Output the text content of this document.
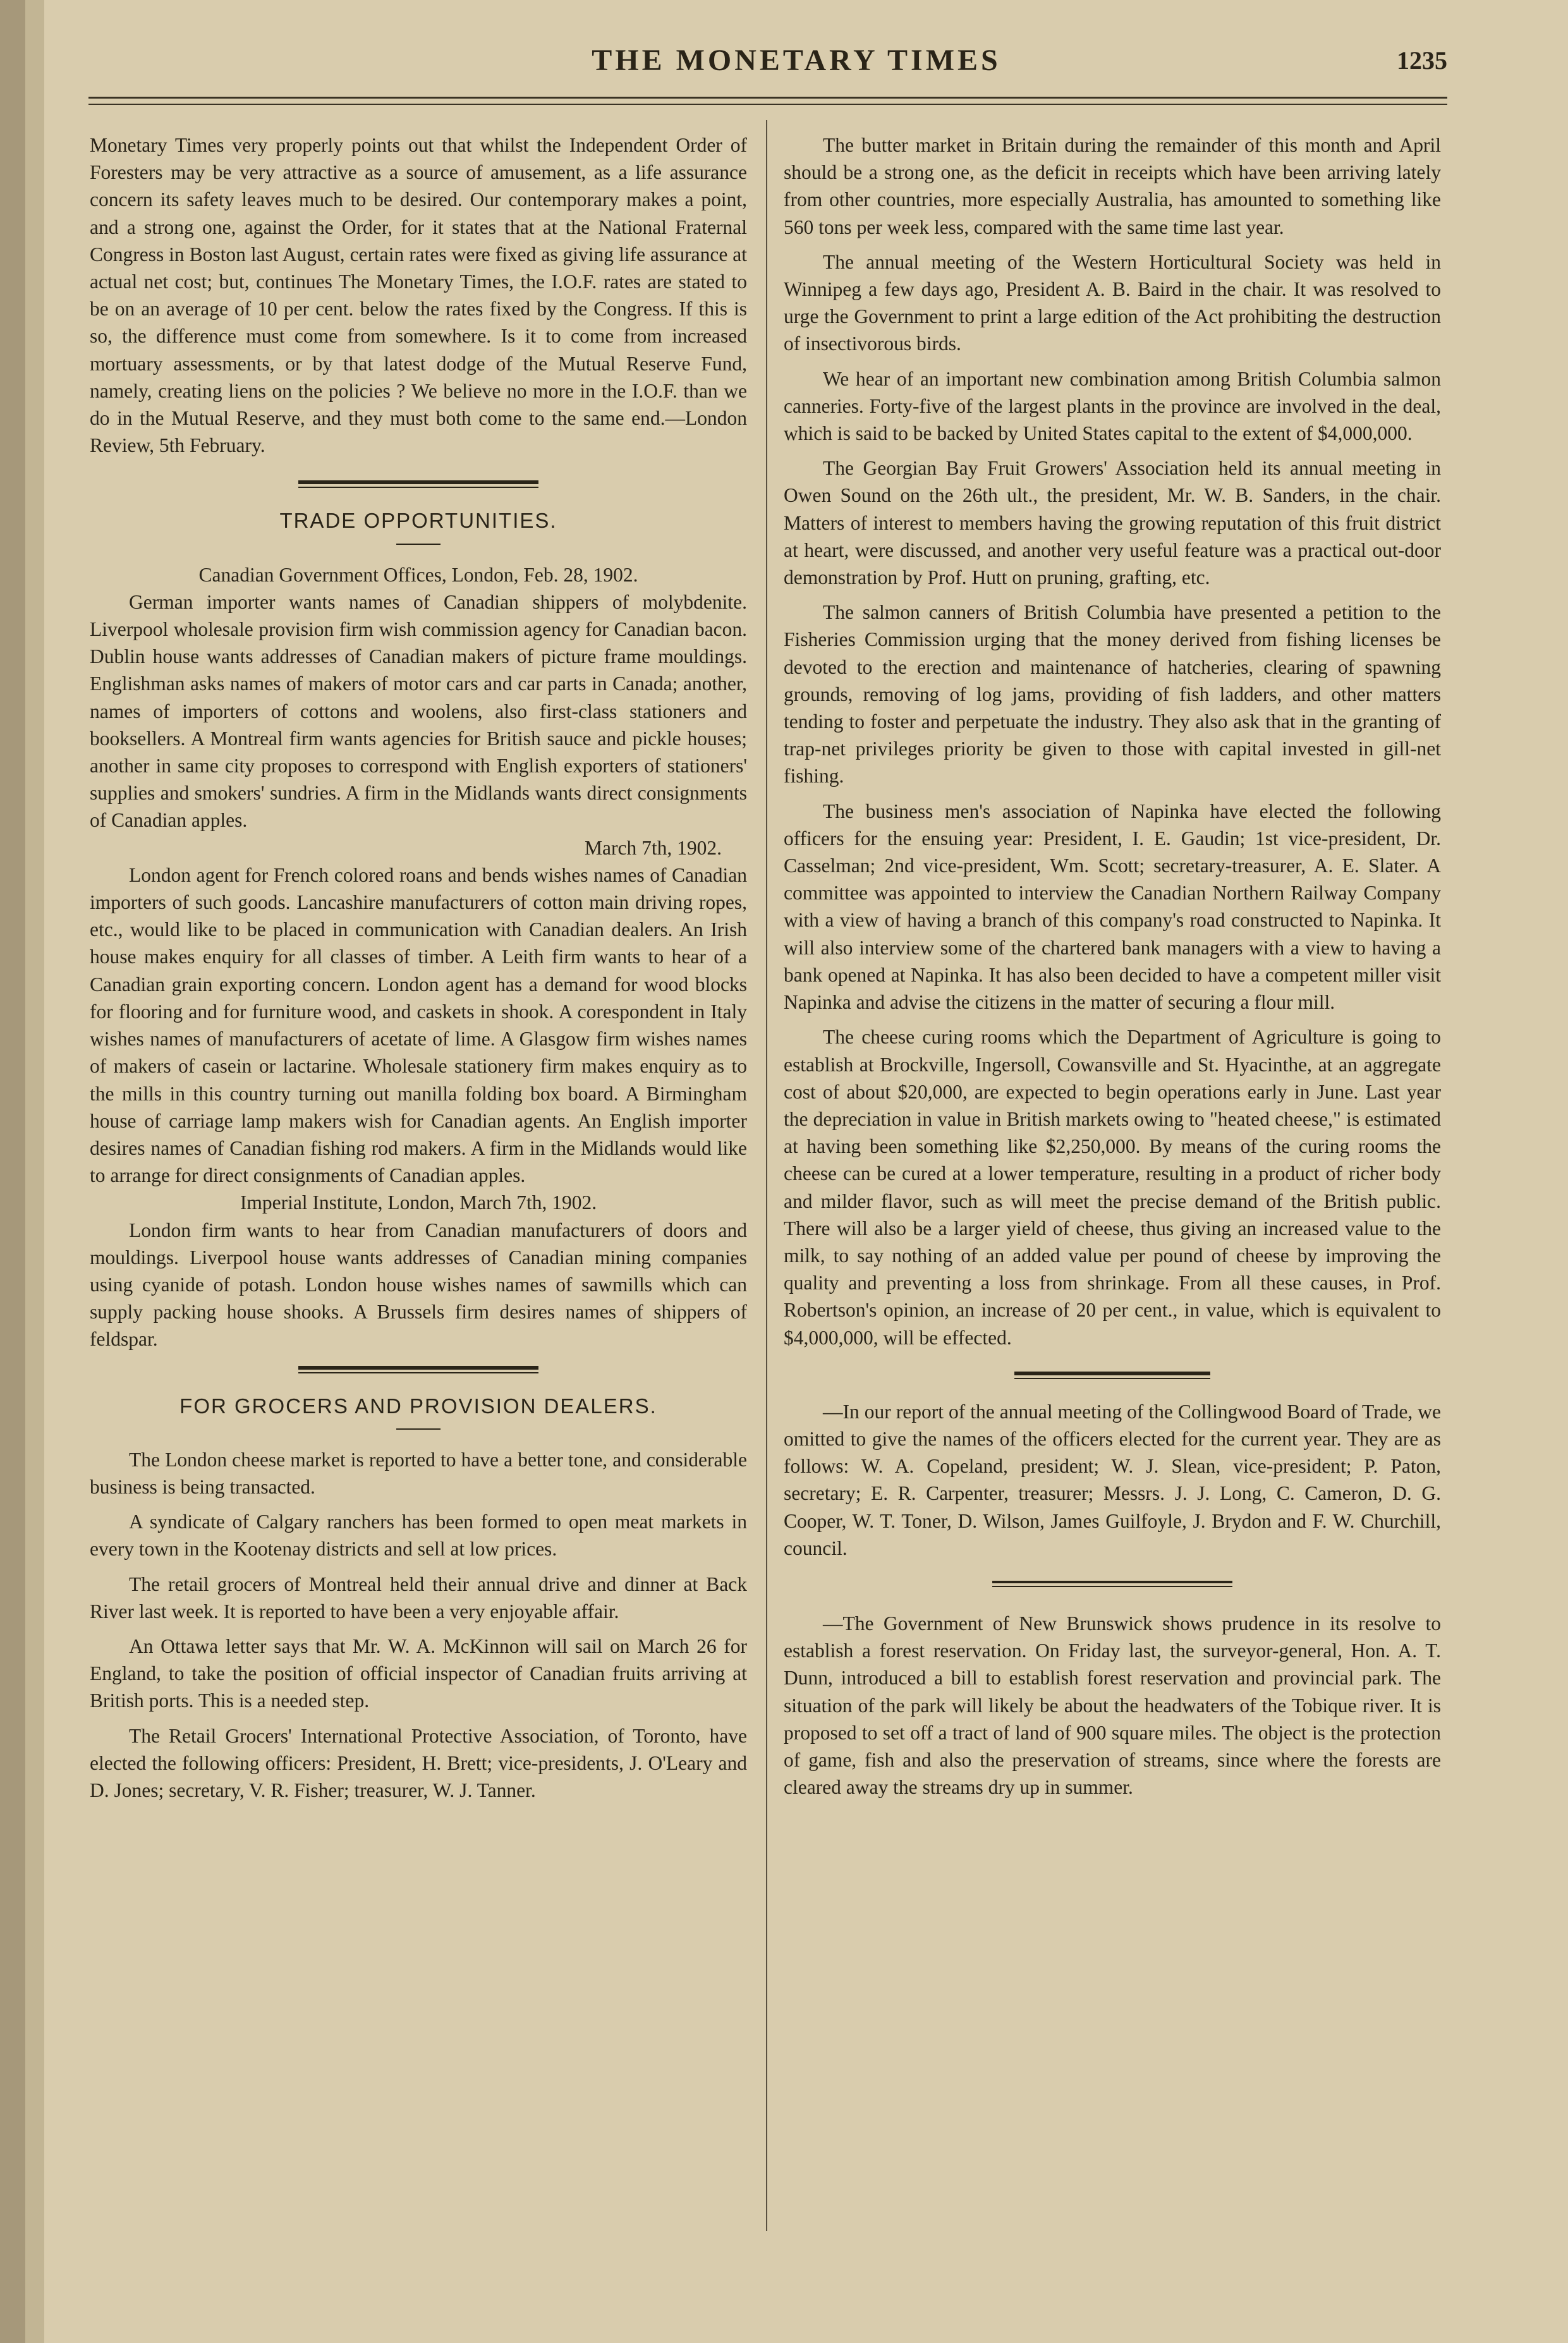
THE MONETARY TIMES	1235

Monetary Times very properly points out that whilst the Independent Order of Foresters may be very attractive as a source of amusement, as a life assurance concern its safety leaves much to be desired. Our contemporary makes a point, and a strong one, against the Order, for it states that at the National Fraternal Congress in Boston last August, certain rates were fixed as giving life assurance at actual net cost; but, continues The Monetary Times, the I.O.F. rates are stated to be on an average of 10 per cent. below the rates fixed by the Congress. If this is so, the difference must come from somewhere. Is it to come from increased mortuary assessments, or by that latest dodge of the Mutual Reserve Fund, namely, creating liens on the policies ? We believe no more in the I.O.F. than we do in the Mutual Reserve, and they must both come to the same end.—London Review, 5th February.

TRADE OPPORTUNITIES.

Canadian Government Offices, London, Feb. 28, 1902.

German importer wants names of Canadian shippers of molybdenite. Liverpool wholesale provision firm wish commission agency for Canadian bacon. Dublin house wants addresses of Canadian makers of picture frame mouldings. Englishman asks names of makers of motor cars and car parts in Canada; another, names of importers of cottons and woolens, also first-class stationers and booksellers. A Montreal firm wants agencies for British sauce and pickle houses; another in same city proposes to correspond with English exporters of stationers' supplies and smokers' sundries. A firm in the Midlands wants direct consignments of Canadian apples.

March 7th, 1902.

London agent for French colored roans and bends wishes names of Canadian importers of such goods. Lancashire manufacturers of cotton main driving ropes, etc., would like to be placed in communication with Canadian dealers. An Irish house makes enquiry for all classes of timber. A Leith firm wants to hear of a Canadian grain exporting concern. London agent has a demand for wood blocks for flooring and for furniture wood, and caskets in shook. A corespondent in Italy wishes names of manufacturers of acetate of lime. A Glasgow firm wishes names of makers of casein or lactarine. Wholesale stationery firm makes enquiry as to the mills in this country turning out manilla folding box board. A Birmingham house of carriage lamp makers wish for Canadian agents. An English importer desires names of Canadian fishing rod makers. A firm in the Midlands would like to arrange for direct consignments of Canadian apples.

Imperial Institute, London, March 7th, 1902.

London firm wants to hear from Canadian manufacturers of doors and mouldings. Liverpool house wants addresses of Canadian mining companies using cyanide of potash. London house wishes names of sawmills which can supply packing house shooks. A Brussels firm desires names of shippers of feldspar.

FOR GROCERS AND PROVISION DEALERS.

The London cheese market is reported to have a better tone, and considerable business is being transacted.

A syndicate of Calgary ranchers has been formed to open meat markets in every town in the Kootenay districts and sell at low prices.

The retail grocers of Montreal held their annual drive and dinner at Back River last week. It is reported to have been a very enjoyable affair.

An Ottawa letter says that Mr. W. A. McKinnon will sail on March 26 for England, to take the position of official inspector of Canadian fruits arriving at British ports. This is a needed step.

The Retail Grocers' International Protective Association, of Toronto, have elected the following officers: President, H. Brett; vice-presidents, J. O'Leary and D. Jones; secretary, V. R. Fisher; treasurer, W. J. Tanner.

The butter market in Britain during the remainder of this month and April should be a strong one, as the deficit in receipts which have been arriving lately from other countries, more especially Australia, has amounted to something like 560 tons per week less, compared with the same time last year.

The annual meeting of the Western Horticultural Society was held in Winnipeg a few days ago, President A. B. Baird in the chair. It was resolved to urge the Government to print a large edition of the Act prohibiting the destruction of insectivorous birds.

We hear of an important new combination among British Columbia salmon canneries. Forty-five of the largest plants in the province are involved in the deal, which is said to be backed by United States capital to the extent of $4,000,000.

The Georgian Bay Fruit Growers' Association held its annual meeting in Owen Sound on the 26th ult., the president, Mr. W. B. Sanders, in the chair. Matters of interest to members having the growing reputation of this fruit district at heart, were discussed, and another very useful feature was a practical out-door demonstration by Prof. Hutt on pruning, grafting, etc.

The salmon canners of British Columbia have presented a petition to the Fisheries Commission urging that the money derived from fishing licenses be devoted to the erection and maintenance of hatcheries, clearing of spawning grounds, removing of log jams, providing of fish ladders, and other matters tending to foster and perpetuate the industry. They also ask that in the granting of trap-net privileges priority be given to those with capital invested in gill-net fishing.

The business men's association of Napinka have elected the following officers for the ensuing year: President, I. E. Gaudin; 1st vice-president, Dr. Casselman; 2nd vice-president, Wm. Scott; secretary-treasurer, A. E. Slater. A committee was appointed to interview the Canadian Northern Railway Company with a view of having a branch of this company's road constructed to Napinka. It will also interview some of the chartered bank managers with a view to having a bank opened at Napinka. It has also been decided to have a competent miller visit Napinka and advise the citizens in the matter of securing a flour mill.

The cheese curing rooms which the Department of Agriculture is going to establish at Brockville, Ingersoll, Cowansville and St. Hyacinthe, at an aggregate cost of about $20,000, are expected to begin operations early in June. Last year the depreciation in value in British markets owing to "heated cheese," is estimated at having been something like $2,250,000. By means of the curing rooms the cheese can be cured at a lower temperature, resulting in a product of richer body and milder flavor, such as will meet the precise demand of the British public. There will also be a larger yield of cheese, thus giving an increased value to the milk, to say nothing of an added value per pound of cheese by improving the quality and preventing a loss from shrinkage. From all these causes, in Prof. Robertson's opinion, an increase of 20 per cent., in value, which is equivalent to $4,000,000, will be effected.

—In our report of the annual meeting of the Collingwood Board of Trade, we omitted to give the names of the officers elected for the current year. They are as follows: W. A. Copeland, president; W. J. Slean, vice-president; P. Paton, secretary; E. R. Carpenter, treasurer; Messrs. J. J. Long, C. Cameron, D. G. Cooper, W. T. Toner, D. Wilson, James Guilfoyle, J. Brydon and F. W. Churchill, council.

—The Government of New Brunswick shows prudence in its resolve to establish a forest reservation. On Friday last, the surveyor-general, Hon. A. T. Dunn, introduced a bill to establish forest reservation and provincial park. The situation of the park will likely be about the headwaters of the Tobique river. It is proposed to set off a tract of land of 900 square miles. The object is the protection of game, fish and also the preservation of streams, since where the forests are cleared away the streams dry up in summer.
